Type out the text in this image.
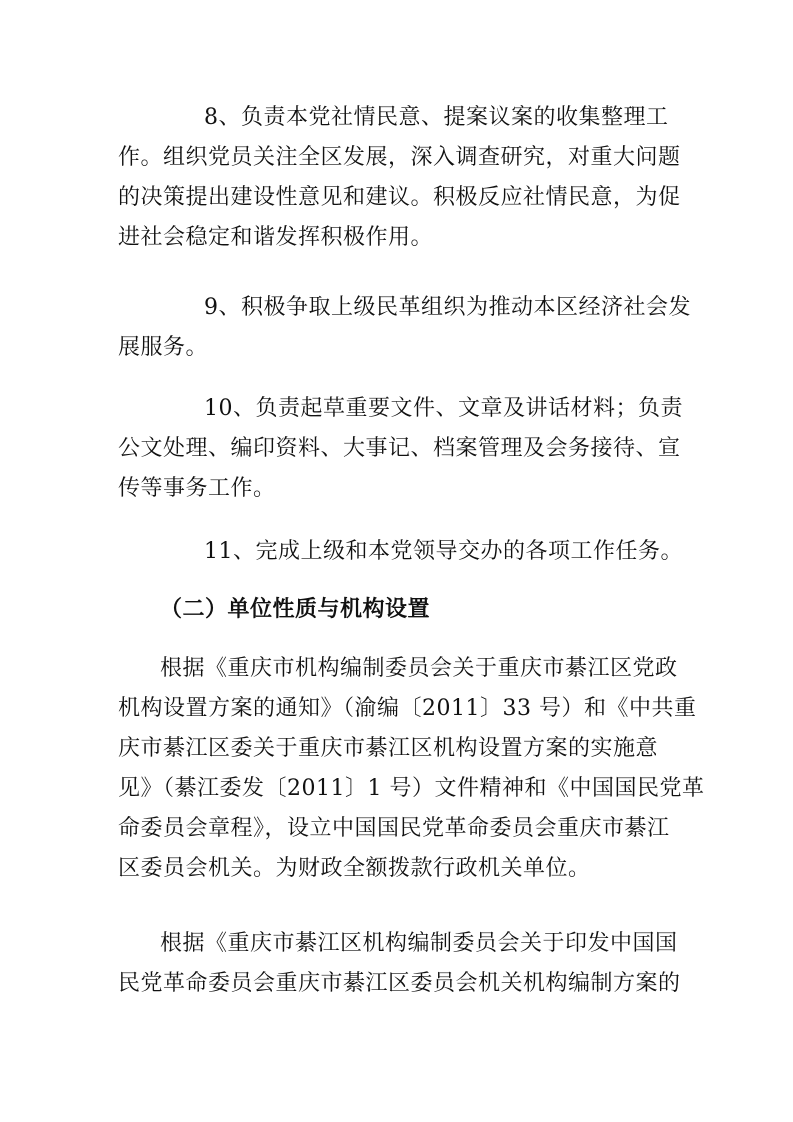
8、负责本党社情民意、提案议案的收集整理工
作。组织党员关注全区发展，深入调查研究，对重大问题
的决策提出建设性意见和建议。积极反应社情民意，为促
进社会稳定和谐发挥积极作用。

9、积极争取上级民革组织为推动本区经济社会发
展服务。

10、负责起草重要文件、文章及讲话材料；负责
公文处理、编印资料、大事记、档案管理及会务接待、宣
传等事务工作。

11、完成上级和本党领导交办的各项工作任务。

（二）单位性质与机构设置

根据《重庆市机构编制委员会关于重庆市綦江区党政
机构设置方案的通知》（渝编〔2011〕33 号）和《中共重
庆市綦江区委关于重庆市綦江区机构设置方案的实施意
见》（綦江委发〔2011〕1 号）文件精神和《中国国民党革
命委员会章程》，设立中国国民党革命委员会重庆市綦江
区委员会机关。为财政全额拨款行政机关单位。

根据《重庆市綦江区机构编制委员会关于印发中国国
民党革命委员会重庆市綦江区委员会机关机构编制方案的
